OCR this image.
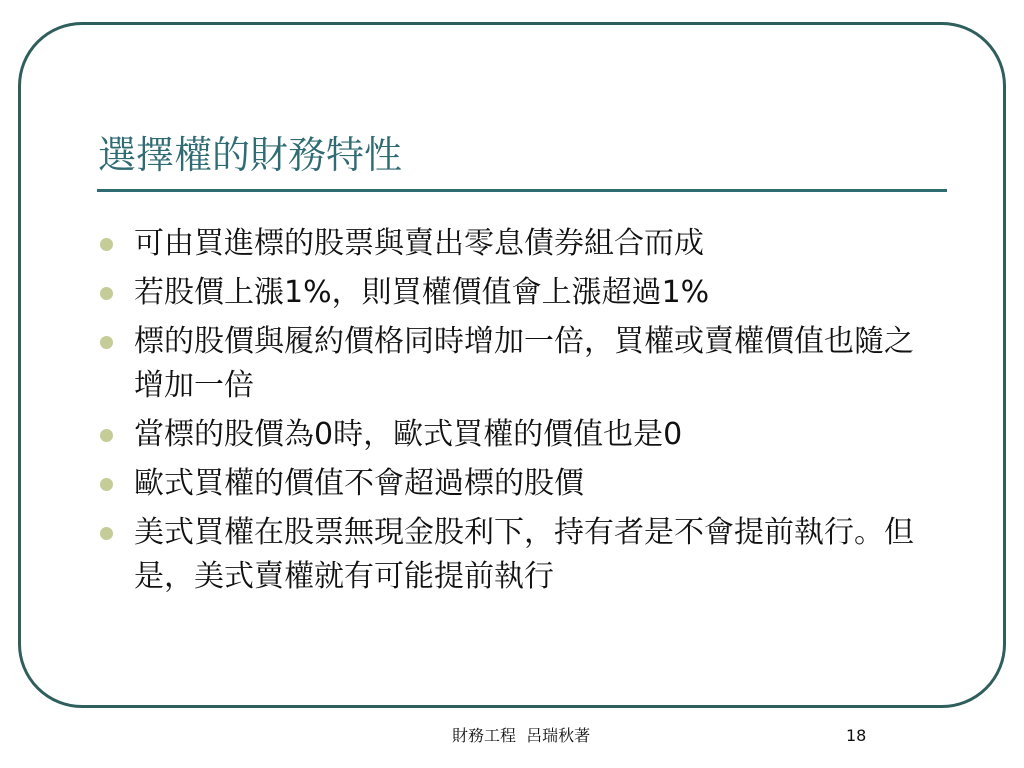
選擇權的財務特性
可由買進標的股票與賣出零息債券組合而成
若股價上漲1%，則買權價值會上漲超過1%
標的股價與履約價格同時增加一倍，買權或賣權價值也隨之增加一倍
當標的股價為0時，歐式買權的價值也是0
歐式買權的價值不會超過標的股價
美式買權在股票無現金股利下，持有者是不會提前執行。但是，美式賣權就有可能提前執行
財務工程  呂瑞秋著	18
